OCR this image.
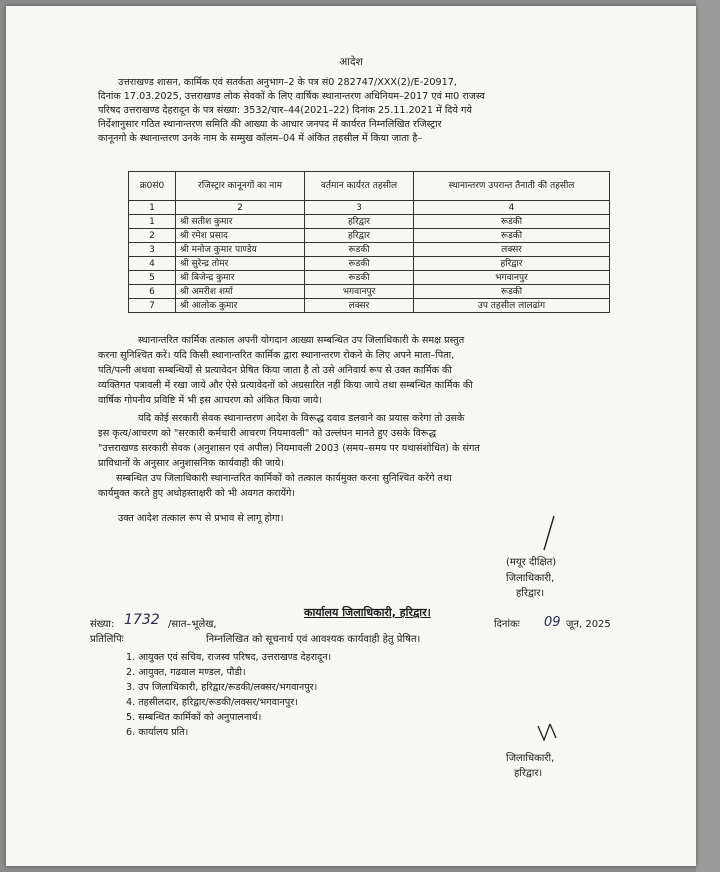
आदेश
उत्तराखण्ड शासन, कार्मिक एवं सतर्कता अनुभाग–2 के पत्र सं0 282747/XXX(2)/E-20917,
दिनांक 17.03.2025, उत्तराखण्ड लोक सेवकों के लिए वार्षिक स्थानान्तरण अधिनियम–2017 एवं मा0 राजस्व
परिषद उत्तराखण्ड देहरादून के पत्र संख्या: 3532/चार–44(2021–22) दिनांक 25.11.2021 में दिये गये
निर्देशानुसार गठित स्थानान्तरण समिति की आख्या के आधार जनपद में कार्यरत निम्नलिखित रजिस्ट्रार
कानूनगो के स्थानान्तरण उनके नाम के सम्मुख कॉलम–04 में अंकित तहसील में किया जाता है–
क्र0सं0	रजिस्ट्रार कानूनगों का नाम	वर्तमान कार्यरत तहसील	स्थानान्तरण उपरान्त तैनाती की तहसील
1	2	3	4
1	श्री सतीश कुमार	हरिद्वार	रूडकी
2	श्री रमेश प्रसाद	हरिद्वार	रूडकी
3	श्री मनोज कुमार पाण्डेय	रूडकी	लक्सर
4	श्री सुरेन्द्र तोमर	रूडकी	हरिद्वार
5	श्री बिजेन्द्र कुमार	रूडकी	भगवानपुर
6	श्री अमरीश शर्मा	भगवानपुर	रूडकी
7	श्री आलोक कुमार	लक्सर	उप तहसील लालढांग
स्थानान्तरित कार्मिक तत्काल अपनी योगदान आख्या सम्बन्धित उप जिलाधिकारी के समक्ष प्रस्तुत
करना सुनिश्चित करें। यदि किसी स्थानान्तरित कार्मिक द्वारा स्थानान्तरण रोकने के लिए अपने माता–पिता,
पति/पत्नी अथवा सम्बन्धियों से प्रत्यावेदन प्रेषित किया जाता है तो उसे अनिवार्य रूप से उक्त कार्मिक की
व्यक्तिगत पत्रावली में रखा जाये और ऐसे प्रत्यावेदनों को अग्रसारित नहीं किया जाये तथा सम्बन्धित कार्मिक की
वार्षिक गोपनीय प्रविष्टि में भी इस आचरण को अंकित किया जाये।
यदि कोई सरकारी सेवक स्थानान्तरण आदेश के विरूद्ध दवाव डलवाने का प्रयास करेगा तो उसके
इस कृत्य/आचरण को "सरकारी कर्मचारी आचरण नियमावली" को उल्लंघन मानते हुए उसके विरूद्ध
"उत्तराखण्ड सरकारी सेवक (अनुशासन एवं अपील) नियमावली 2003 (समय–समय पर यथासंशोधित) के संगत
प्राविधानों के अनुसार अनुशासनिक कार्यवाही की जाये।
सम्बन्धित उप जिलाधिकारी स्थानान्तरित कार्मिकों को तत्काल कार्यमुक्त करना सुनिश्चित करेंगे तथा
कार्यमुक्त करते हुए अधोहस्ताक्षरी को भी अवगत करायेंगे।
उक्त आदेश तत्काल रूप से प्रभाव से लागू होगा।
(मयूर दीक्षित)
जिलाधिकारी,
हरिद्वार।
कार्यालय जिलाधिकारी, हरिद्वार।
संख्या: 1732 /सात–भूलेख,	दिनांकः 09 जून, 2025
प्रतिलिपिः	निम्नलिखित को सूचनार्थ एवं आवश्यक कार्यवाही हेतु प्रेषित।
1. आयुक्त एवं सचिव, राजस्व परिषद, उत्तराखण्ड देहरादून।
2. आयुक्त, गढवाल मण्डल, पौडी।
3. उप जिलाधिकारी, हरिद्वार/रूडकी/लक्सर/भगवानपुर।
4. तहसीलदार, हरिद्वार/रूडकी/लक्सर/भगवानपुर।
5. सम्बन्धित कार्मिकों को अनुपालनार्थ।
6. कार्यालय प्रति।
जिलाधिकारी,
हरिद्वार।
